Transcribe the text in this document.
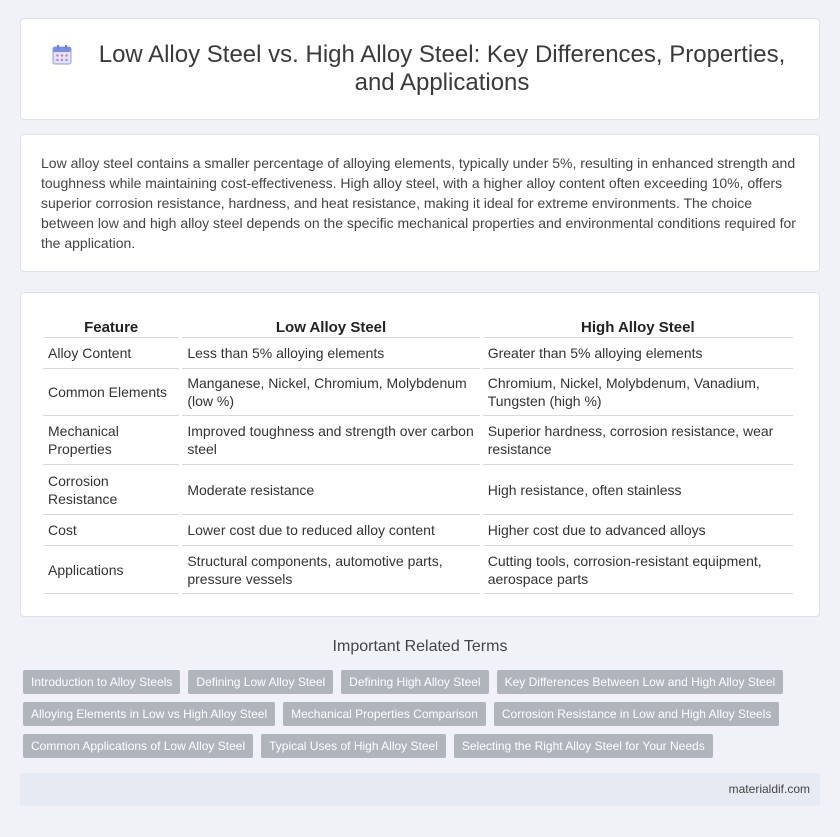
Low Alloy Steel vs. High Alloy Steel: Key Differences, Properties, and Applications

Low alloy steel contains a smaller percentage of alloying elements, typically under 5%, resulting in enhanced strength and toughness while maintaining cost-effectiveness. High alloy steel, with a higher alloy content often exceeding 10%, offers superior corrosion resistance, hardness, and heat resistance, making it ideal for extreme environments. The choice between low and high alloy steel depends on the specific mechanical properties and environmental conditions required for the application.

Feature	Low Alloy Steel	High Alloy Steel
Alloy Content	Less than 5% alloying elements	Greater than 5% alloying elements
Common Elements	Manganese, Nickel, Chromium, Molybdenum (low %)	Chromium, Nickel, Molybdenum, Vanadium, Tungsten (high %)
Mechanical Properties	Improved toughness and strength over carbon steel	Superior hardness, corrosion resistance, wear resistance
Corrosion Resistance	Moderate resistance	High resistance, often stainless
Cost	Lower cost due to reduced alloy content	Higher cost due to advanced alloys
Applications	Structural components, automotive parts, pressure vessels	Cutting tools, corrosion-resistant equipment, aerospace parts
Important Related Terms
Introduction to Alloy Steels	Defining Low Alloy Steel	Defining High Alloy Steel	Key Differences Between Low and High Alloy Steel
Alloying Elements in Low vs High Alloy Steel	Mechanical Properties Comparison	Corrosion Resistance in Low and High Alloy Steels
Common Applications of Low Alloy Steel	Typical Uses of High Alloy Steel	Selecting the Right Alloy Steel for Your Needs
materialdif.com
